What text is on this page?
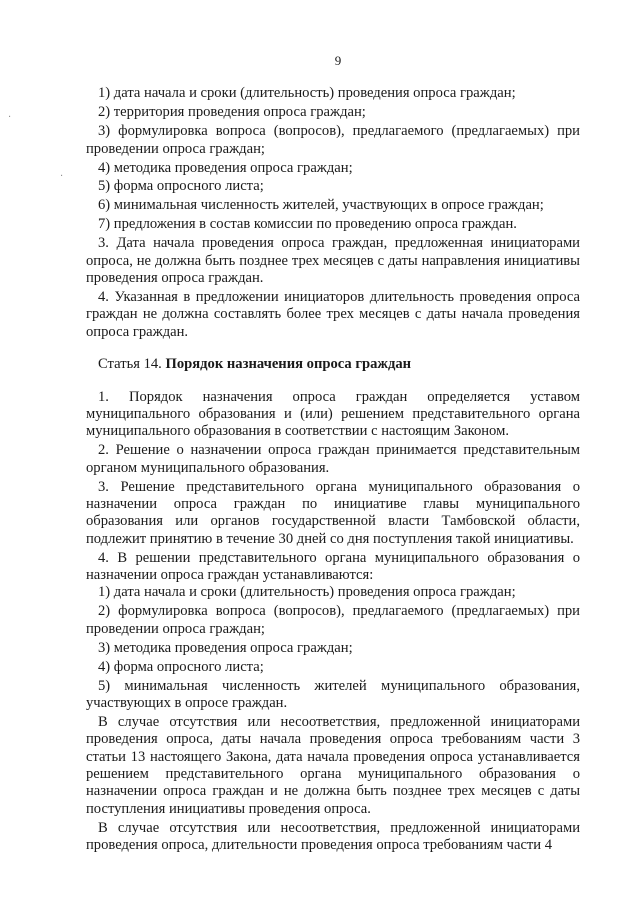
·
·
9

1) дата начала и сроки (длительность) проведения опроса граждан;

2) территория проведения опроса граждан;

3) формулировка вопроса (вопросов), предлагаемого (предлагаемых) при проведении опроса граждан;

4) методика проведения опроса граждан;

5) форма опросного листа;

6) минимальная численность жителей, участвующих в опросе граждан;

7) предложения в состав комиссии по проведению опроса граждан.

3. Дата начала проведения опроса граждан, предложенная инициаторами опроса, не должна быть позднее трех месяцев с даты направления инициативы проведения опроса граждан.

4. Указанная в предложении инициаторов длительность проведения опроса граждан не должна составлять более трех месяцев с даты начала проведения опроса граждан.

Статья 14. Порядок назначения опроса граждан

1. Порядок назначения опроса граждан определяется уставом муниципального образования и (или) решением представительного органа муниципального образования в соответствии с настоящим Законом.

2. Решение о назначении опроса граждан принимается представительным органом муниципального образования.

3. Решение представительного органа муниципального образования о назначении опроса граждан по инициативе главы муниципального образования или органов государственной власти Тамбовской области, подлежит принятию в течение 30 дней со дня поступления такой инициативы.

4. В решении представительного органа муниципального образования о назначении опроса граждан устанавливаются:

1) дата начала и сроки (длительность) проведения опроса граждан;

2) формулировка вопроса (вопросов), предлагаемого (предлагаемых) при проведении опроса граждан;

3) методика проведения опроса граждан;

4) форма опросного листа;

5) минимальная численность жителей муниципального образования, участвующих в опросе граждан.

В случае отсутствия или несоответствия, предложенной инициаторами проведения опроса, даты начала проведения опроса требованиям части 3 статьи 13 настоящего Закона, дата начала проведения опроса устанавливается решением представительного органа муниципального образования о назначении опроса граждан и не должна быть позднее трех месяцев с даты поступления инициативы проведения опроса.

В случае отсутствия или несоответствия, предложенной инициаторами проведения опроса, длительности проведения опроса требованиям части 4
